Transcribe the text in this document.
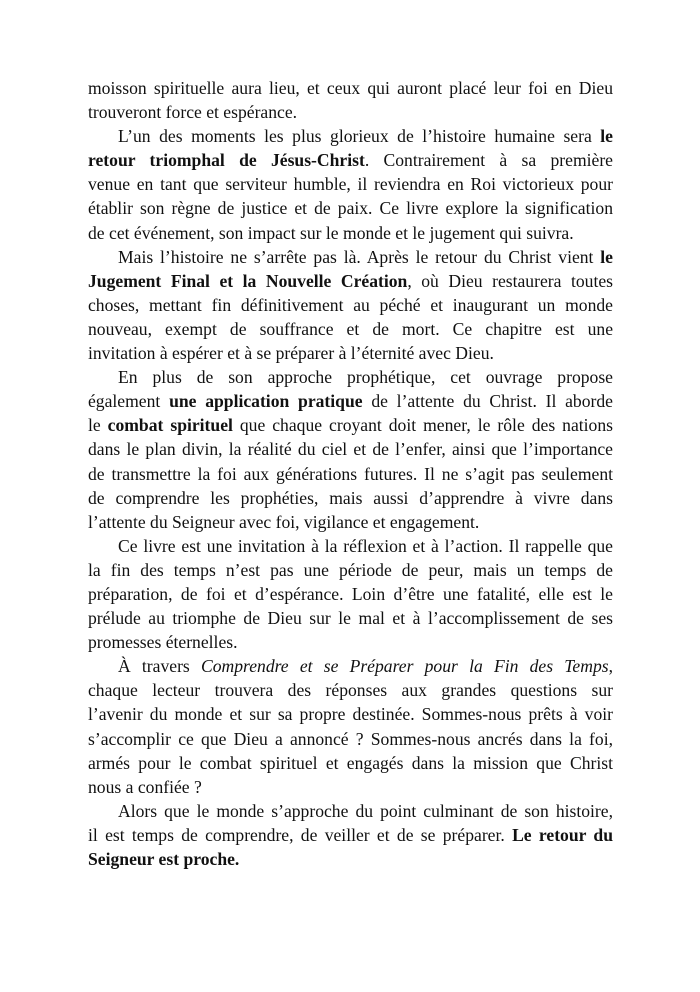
moisson spirituelle aura lieu, et ceux qui auront placé leur foi en Dieu
trouveront force et espérance.
L’un des moments les plus glorieux de l’histoire humaine sera le
retour triomphal de Jésus-Christ. Contrairement à sa première
venue en tant que serviteur humble, il reviendra en Roi victorieux pour
établir son règne de justice et de paix. Ce livre explore la signification
de cet événement, son impact sur le monde et le jugement qui suivra.
Mais l’histoire ne s’arrête pas là. Après le retour du Christ vient le
Jugement Final et la Nouvelle Création, où Dieu restaurera toutes
choses, mettant fin définitivement au péché et inaugurant un monde
nouveau, exempt de souffrance et de mort. Ce chapitre est une
invitation à espérer et à se préparer à l’éternité avec Dieu.
En plus de son approche prophétique, cet ouvrage propose
également une application pratique de l’attente du Christ. Il aborde
le combat spirituel que chaque croyant doit mener, le rôle des nations
dans le plan divin, la réalité du ciel et de l’enfer, ainsi que l’importance
de transmettre la foi aux générations futures. Il ne s’agit pas seulement
de comprendre les prophéties, mais aussi d’apprendre à vivre dans
l’attente du Seigneur avec foi, vigilance et engagement.
Ce livre est une invitation à la réflexion et à l’action. Il rappelle que
la fin des temps n’est pas une période de peur, mais un temps de
préparation, de foi et d’espérance. Loin d’être une fatalité, elle est le
prélude au triomphe de Dieu sur le mal et à l’accomplissement de ses
promesses éternelles.
À travers Comprendre et se Préparer pour la Fin des Temps,
chaque lecteur trouvera des réponses aux grandes questions sur
l’avenir du monde et sur sa propre destinée. Sommes-nous prêts à voir
s’accomplir ce que Dieu a annoncé ? Sommes-nous ancrés dans la foi,
armés pour le combat spirituel et engagés dans la mission que Christ
nous a confiée ?
Alors que le monde s’approche du point culminant de son histoire,
il est temps de comprendre, de veiller et de se préparer. Le retour du
Seigneur est proche.
